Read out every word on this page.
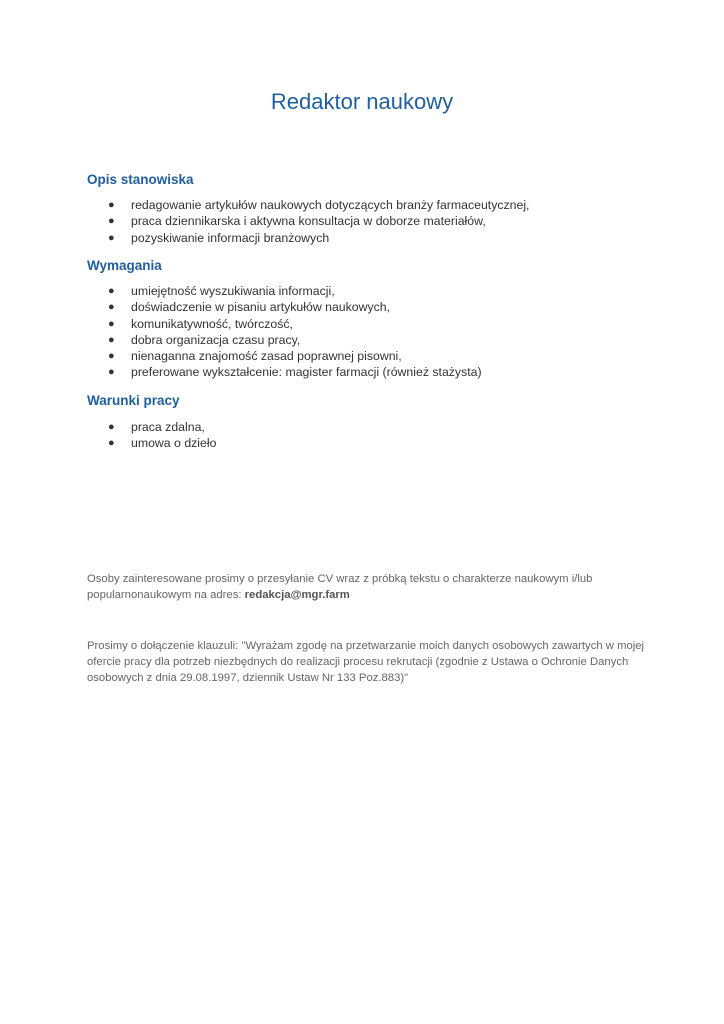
Redaktor naukowy
Opis stanowiska
● redagowanie artykułów naukowych dotyczących branży farmaceutycznej,
● praca dziennikarska i aktywna konsultacja w doborze materiałów,
● pozyskiwanie informacji branżowych
Wymagania
● umiejętność wyszukiwania informacji,
● doświadczenie w pisaniu artykułów naukowych,
● komunikatywność, twórczość,
● dobra organizacja czasu pracy,
● nienaganna znajomość zasad poprawnej pisowni,
● preferowane wykształcenie: magister farmacji (również stażysta)
Warunki pracy
● praca zdalna,
● umowa o dzieło

Osoby zainteresowane prosimy o przesyłanie CV wraz z próbką tekstu o charakterze naukowym i/lub popularnonaukowym na adres: redakcja@mgr.farm

Prosimy o dołączenie klauzuli: "Wyrażam zgodę na przetwarzanie moich danych osobowych zawartych w mojej ofercie pracy dla potrzeb niezbędnych do realizacji procesu rekrutacji (zgodnie z Ustawa o Ochronie Danych osobowych z dnia 29.08.1997, dziennik Ustaw Nr 133 Poz.883)"
